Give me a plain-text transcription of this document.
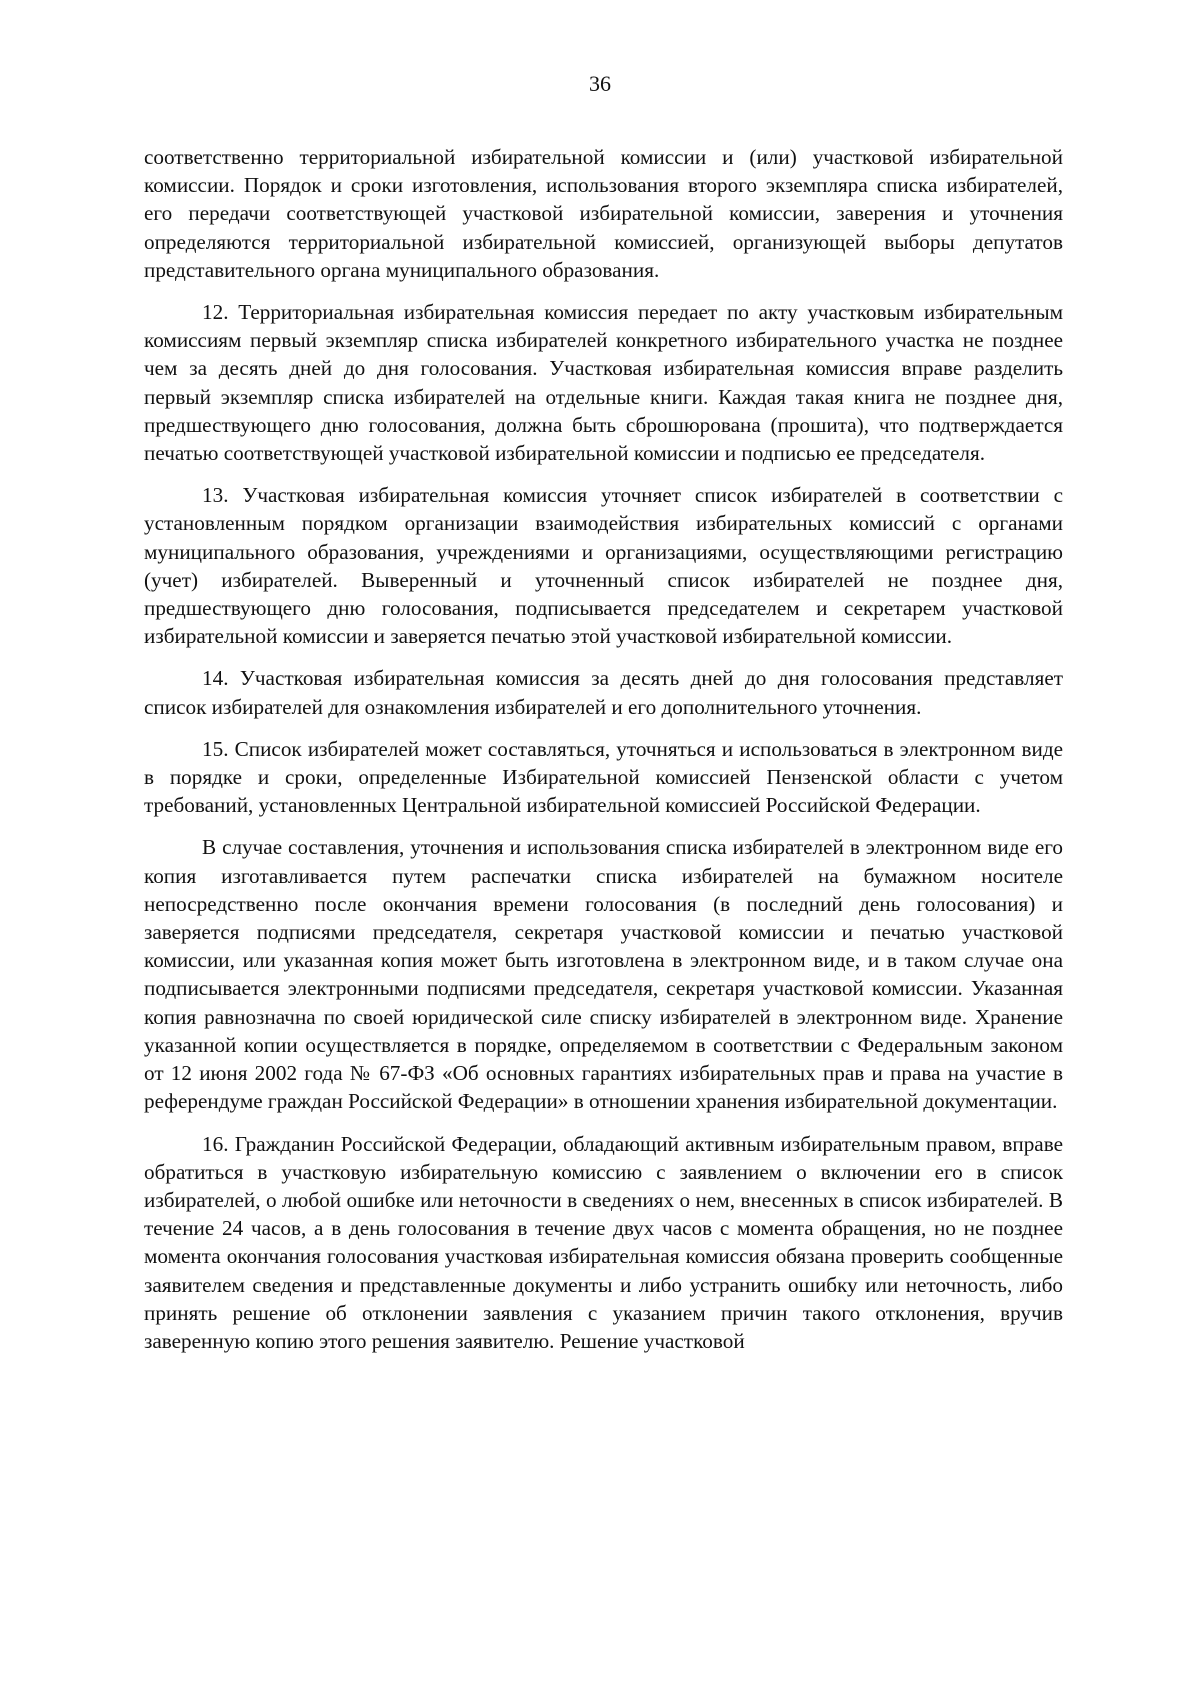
36

соответственно территориальной избирательной комиссии и (или) участковой избирательной комиссии. Порядок и сроки изготовления, использования второго экземпляра списка избирателей, его передачи соответствующей участковой избирательной комиссии, заверения и уточнения определяются территориальной избирательной комиссией, организующей выборы депутатов представительного органа муниципального образования.

12. Территориальная избирательная комиссия передает по акту участковым избирательным комиссиям первый экземпляр списка избирателей конкретного избирательного участка не позднее чем за десять дней до дня голосования. Участковая избирательная комиссия вправе разделить первый экземпляр списка избирателей на отдельные книги. Каждая такая книга не позднее дня, предшествующего дню голосования, должна быть сброшюрована (прошита), что подтверждается печатью соответствующей участковой избирательной комиссии и подписью ее председателя.

13. Участковая избирательная комиссия уточняет список избирателей в соответствии с установленным порядком организации взаимодействия избирательных комиссий с органами муниципального образования, учреждениями и организациями, осуществляющими регистрацию (учет) избирателей. Выверенный и уточненный список избирателей не позднее дня, предшествующего дню голосования, подписывается председателем и секретарем участковой избирательной комиссии и заверяется печатью этой участковой избирательной комиссии.

14. Участковая избирательная комиссия за десять дней до дня голосования представляет список избирателей для ознакомления избирателей и его дополнительного уточнения.

15. Список избирателей может составляться, уточняться и использоваться в электронном виде в порядке и сроки, определенные Избирательной комиссией Пензенской области с учетом требований, установленных Центральной избирательной комиссией Российской Федерации.

В случае составления, уточнения и использования списка избирателей в электронном виде его копия изготавливается путем распечатки списка избирателей на бумажном носителе непосредственно после окончания времени голосования (в последний день голосования) и заверяется подписями председателя, секретаря участковой комиссии и печатью участковой комиссии, или указанная копия может быть изготовлена в электронном виде, и в таком случае она подписывается электронными подписями председателя, секретаря участковой комиссии. Указанная копия равнозначна по своей юридической силе списку избирателей в электронном виде. Хранение указанной копии осуществляется в порядке, определяемом в соответствии с Федеральным законом от 12 июня 2002 года № 67-ФЗ «Об основных гарантиях избирательных прав и права на участие в референдуме граждан Российской Федерации» в отношении хранения избирательной документации.

16. Гражданин Российской Федерации, обладающий активным избирательным правом, вправе обратиться в участковую избирательную комиссию с заявлением о включении его в список избирателей, о любой ошибке или неточности в сведениях о нем, внесенных в список избирателей. В течение 24 часов, а в день голосования в течение двух часов с момента обращения, но не позднее момента окончания голосования участковая избирательная комиссия обязана проверить сообщенные заявителем сведения и представленные документы и либо устранить ошибку или неточность, либо принять решение об отклонении заявления с указанием причин такого отклонения, вручив заверенную копию этого решения заявителю. Решение участковой
